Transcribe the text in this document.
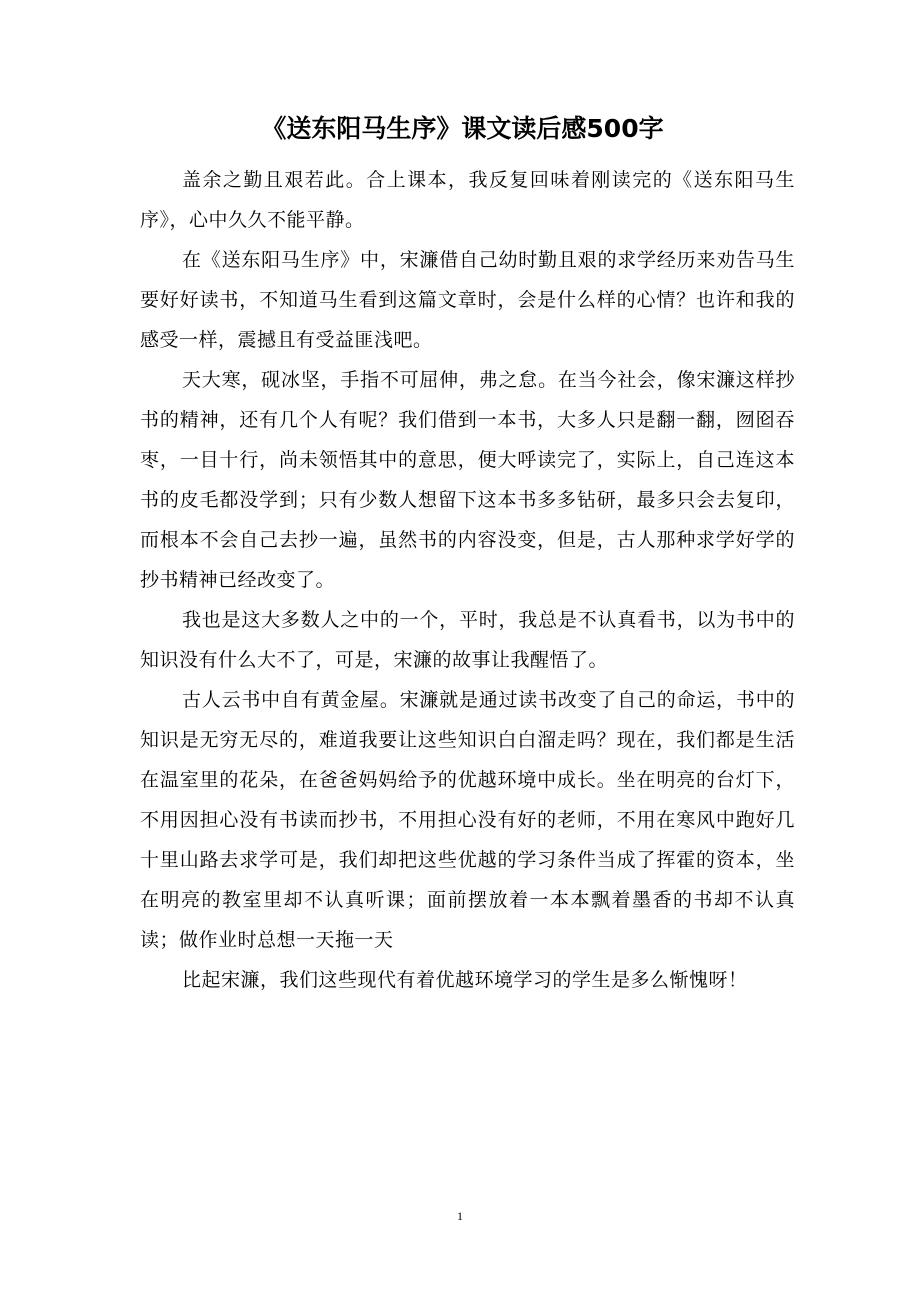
《送东阳马生序》课文读后感500字

盖余之勤且艰若此。合上课本，我反复回味着刚读完的《送东阳马生序》，心中久久不能平静。

在《送东阳马生序》中，宋濂借自己幼时勤且艰的求学经历来劝告马生要好好读书，不知道马生看到这篇文章时，会是什么样的心情？也许和我的感受一样，震撼且有受益匪浅吧。

天大寒，砚冰坚，手指不可屈伸，弗之怠。在当今社会，像宋濂这样抄书的精神，还有几个人有呢？我们借到一本书，大多人只是翻一翻，囫囵吞枣，一目十行，尚未领悟其中的意思，便大呼读完了，实际上，自己连这本书的皮毛都没学到；只有少数人想留下这本书多多钻研，最多只会去复印，而根本不会自己去抄一遍，虽然书的内容没变，但是，古人那种求学好学的抄书精神已经改变了。

我也是这大多数人之中的一个，平时，我总是不认真看书，以为书中的知识没有什么大不了，可是，宋濂的故事让我醒悟了。

古人云书中自有黄金屋。宋濂就是通过读书改变了自己的命运，书中的知识是无穷无尽的，难道我要让这些知识白白溜走吗？现在，我们都是生活在温室里的花朵，在爸爸妈妈给予的优越环境中成长。坐在明亮的台灯下，不用因担心没有书读而抄书，不用担心没有好的老师，不用在寒风中跑好几十里山路去求学可是，我们却把这些优越的学习条件当成了挥霍的资本，坐在明亮的教室里却不认真听课；面前摆放着一本本飘着墨香的书却不认真读；做作业时总想一天拖一天

比起宋濂，我们这些现代有着优越环境学习的学生是多么惭愧呀！

1
